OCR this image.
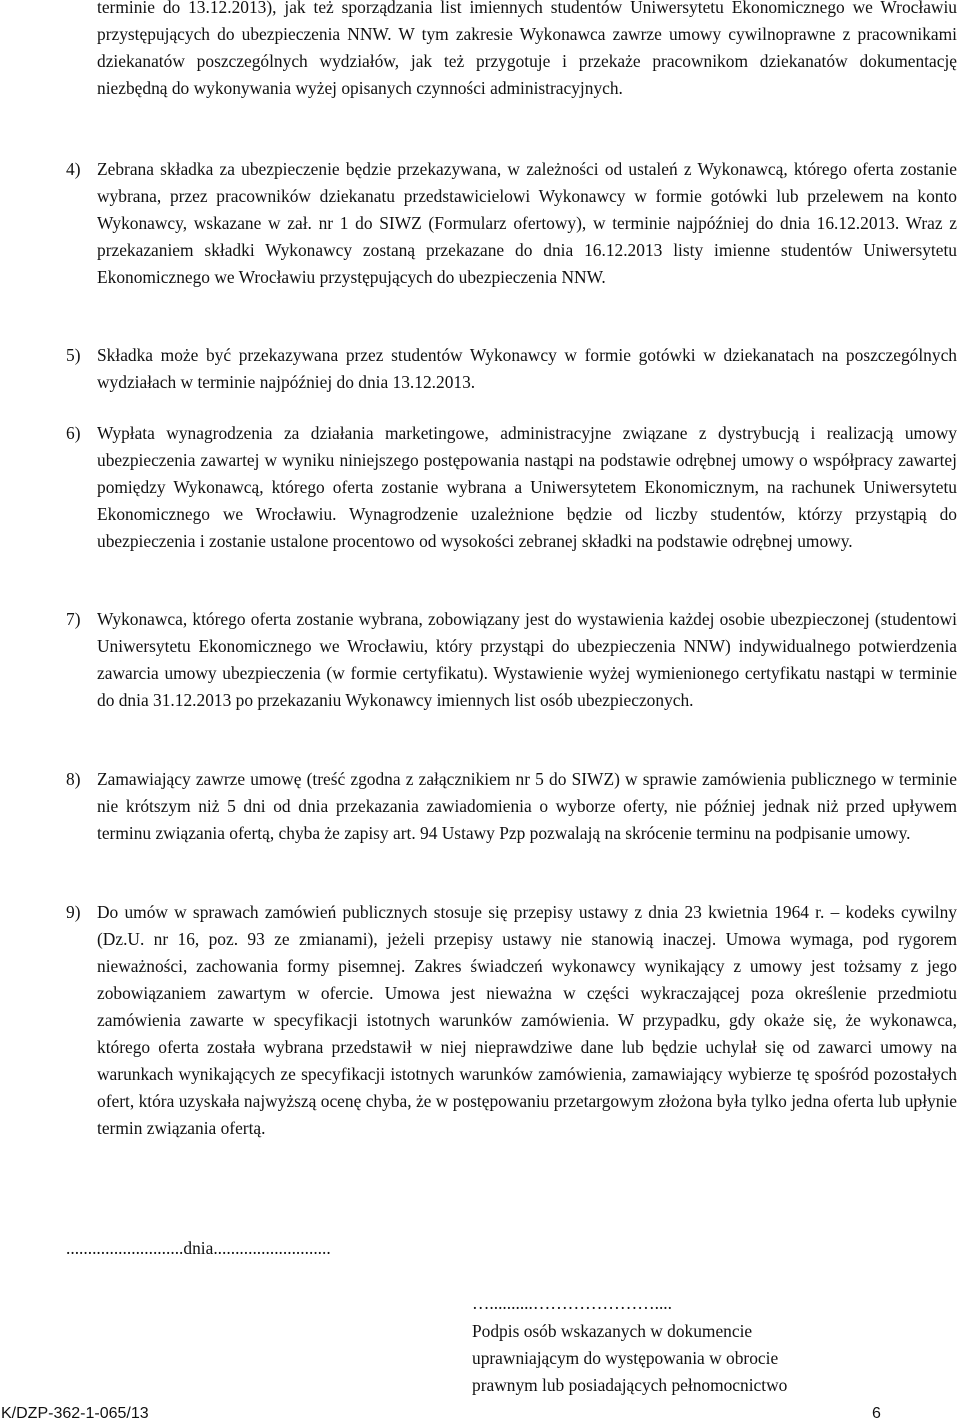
terminie do 13.12.2013), jak też sporządzania list imiennych studentów Uniwersytetu Ekonomicznego we Wrocławiu przystępujących do ubezpieczenia NNW. W tym zakresie Wykonawca zawrze umowy cywilnoprawne z pracownikami dziekanatów poszczególnych wydziałów, jak też przygotuje i przekaże pracownikom dziekanatów dokumentację niezbędną do wykonywania wyżej opisanych czynności administracyjnych.

4) Zebrana składka za ubezpieczenie będzie przekazywana, w zależności od ustaleń z Wykonawcą, którego oferta zostanie wybrana, przez pracowników dziekanatu przedstawicielowi Wykonawcy w formie gotówki lub przelewem na konto Wykonawcy, wskazane w zał. nr 1 do SIWZ (Formularz ofertowy), w terminie najpóźniej do dnia 16.12.2013. Wraz z przekazaniem składki Wykonawcy zostaną przekazane do dnia 16.12.2013 listy imienne studentów Uniwersytetu Ekonomicznego we Wrocławiu przystępujących do ubezpieczenia NNW.

5) Składka może być przekazywana przez studentów Wykonawcy w formie gotówki w dziekanatach na poszczególnych wydziałach w terminie najpóźniej do dnia 13.12.2013.

6) Wypłata wynagrodzenia za działania marketingowe, administracyjne związane z dystrybucją i realizacją umowy ubezpieczenia zawartej w wyniku niniejszego postępowania nastąpi na podstawie odrębnej umowy o współpracy zawartej pomiędzy Wykonawcą, którego oferta zostanie wybrana a Uniwersytetem Ekonomicznym, na rachunek Uniwersytetu Ekonomicznego we Wrocławiu. Wynagrodzenie uzależnione będzie od liczby studentów, którzy przystąpią do ubezpieczenia i zostanie ustalone procentowo od wysokości zebranej składki na podstawie odrębnej umowy.

7) Wykonawca, którego oferta zostanie wybrana, zobowiązany jest do wystawienia każdej osobie ubezpieczonej (studentowi Uniwersytetu Ekonomicznego we Wrocławiu, który przystąpi do ubezpieczenia NNW) indywidualnego potwierdzenia zawarcia umowy ubezpieczenia (w formie certyfikatu). Wystawienie wyżej wymienionego certyfikatu nastąpi w terminie do dnia 31.12.2013 po przekazaniu Wykonawcy imiennych list osób ubezpieczonych.

8) Zamawiający zawrze umowę (treść zgodna z załącznikiem nr 5 do SIWZ) w sprawie zamówienia publicznego w terminie nie krótszym niż 5 dni od dnia przekazania zawiadomienia o wyborze oferty, nie później jednak niż przed upływem terminu związania ofertą, chyba że zapisy art. 94 Ustawy Pzp pozwalają na skrócenie terminu na podpisanie umowy.

9) Do umów w sprawach zamówień publicznych stosuje się przepisy ustawy z dnia 23 kwietnia 1964 r. – kodeks cywilny (Dz.U. nr 16, poz. 93 ze zmianami), jeżeli przepisy ustawy nie stanowią inaczej. Umowa wymaga, pod rygorem nieważności, zachowania formy pisemnej. Zakres świadczeń wykonawcy wynikający z umowy jest tożsamy z jego zobowiązaniem zawartym w ofercie. Umowa jest nieważna w części wykraczającej poza określenie przedmiotu zamówienia zawarte w specyfikacji istotnych warunków zamówienia. W przypadku, gdy okaże się, że wykonawca, którego oferta została wybrana przedstawił w niej nieprawdziwe dane lub będzie uchylał się od zawarci umowy na warunkach wynikających ze specyfikacji istotnych warunków zamówienia, zamawiający wybierze tę spośród pozostałych ofert, która uzyskała najwyższą ocenę chyba, że w postępowaniu przetargowym złożona była tylko jedna oferta lub upłynie termin związania ofertą.

...........................dnia...........................

…..........…………………....

Podpis osób wskazanych w dokumencie
uprawniającym do występowania w obrocie
prawnym lub posiadających pełnomocnictwo

K/DZP-362-1-065/13	6
